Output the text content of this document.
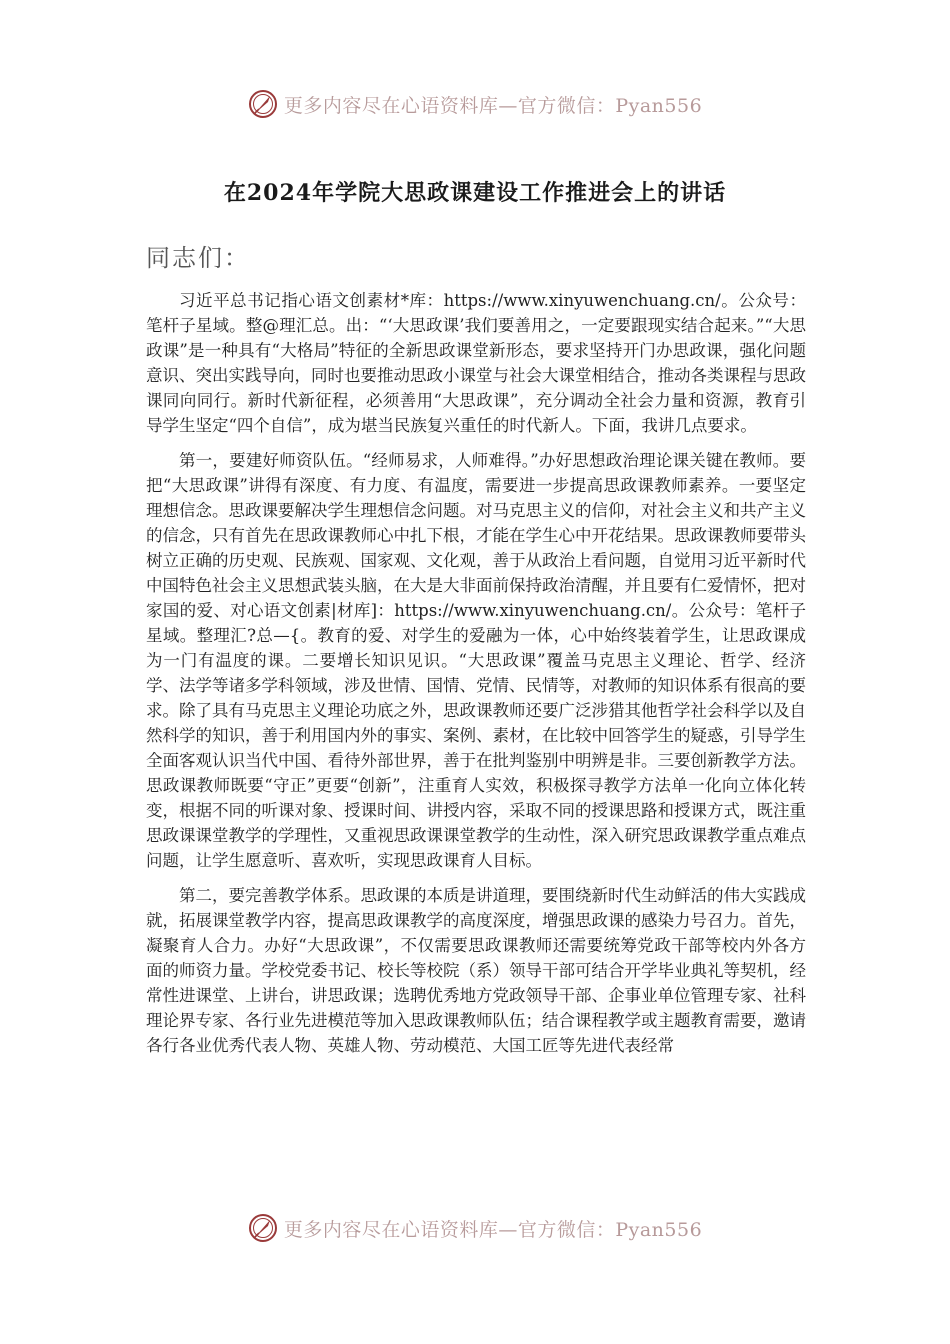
更多内容尽在心语资料库—官方微信：Pyan556
在2024年学院大思政课建设工作推进会上的讲话
同志们：

习近平总书记指心语文创素材*库：https://www.xinyuwenchuang.cn/。公众号：笔杆子星域。整@理汇总。出：“‘大思政课’我们要善用之，一定要跟现实结合起来。”“大思政课”是一种具有“大格局”特征的全新思政课堂新形态，要求坚持开门办思政课，强化问题意识、突出实践导向，同时也要推动思政小课堂与社会大课堂相结合，推动各类课程与思政课同向同行。新时代新征程，必须善用“大思政课”，充分调动全社会力量和资源，教育引导学生坚定“四个自信”，成为堪当民族复兴重任的时代新人。下面，我讲几点要求。

第一，要建好师资队伍。“经师易求，人师难得。”办好思想政治理论课关键在教师。要把“大思政课”讲得有深度、有力度、有温度，需要进一步提高思政课教师素养。一要坚定理想信念。思政课要解决学生理想信念问题。对马克思主义的信仰，对社会主义和共产主义的信念，只有首先在思政课教师心中扎下根，才能在学生心中开花结果。思政课教师要带头树立正确的历史观、民族观、国家观、文化观，善于从政治上看问题，自觉用习近平新时代中国特色社会主义思想武装头脑，在大是大非面前保持政治清醒，并且要有仁爱情怀，把对家国的爱、对心语文创素|材库]：https://www.xinyuwenchuang.cn/。公众号：笔杆子星域。整理汇?总—{。教育的爱、对学生的爱融为一体，心中始终装着学生，让思政课成为一门有温度的课。二要增长知识见识。“大思政课”覆盖马克思主义理论、哲学、经济学、法学等诸多学科领域，涉及世情、国情、党情、民情等，对教师的知识体系有很高的要求。除了具有马克思主义理论功底之外，思政课教师还要广泛涉猎其他哲学社会科学以及自然科学的知识，善于利用国内外的事实、案例、素材，在比较中回答学生的疑惑，引导学生全面客观认识当代中国、看待外部世界，善于在批判鉴别中明辨是非。三要创新教学方法。思政课教师既要“守正”更要“创新”，注重育人实效，积极探寻教学方法单一化向立体化转变，根据不同的听课对象、授课时间、讲授内容，采取不同的授课思路和授课方式，既注重思政课课堂教学的学理性，又重视思政课课堂教学的生动性，深入研究思政课教学重点难点问题，让学生愿意听、喜欢听，实现思政课育人目标。

第二，要完善教学体系。思政课的本质是讲道理，要围绕新时代生动鲜活的伟大实践成就，拓展课堂教学内容，提高思政课教学的高度深度，增强思政课的感染力号召力。首先，凝聚育人合力。办好“大思政课”，不仅需要思政课教师还需要统筹党政干部等校内外各方面的师资力量。学校党委书记、校长等校院（系）领导干部可结合开学毕业典礼等契机，经常性进课堂、上讲台，讲思政课；选聘优秀地方党政领导干部、企事业单位管理专家、社科理论界专家、各行业先进模范等加入思政课教师队伍；结合课程教学或主题教育需要，邀请各行各业优秀代表人物、英雄人物、劳动模范、大国工匠等先进代表经常

更多内容尽在心语资料库—官方微信：Pyan556
